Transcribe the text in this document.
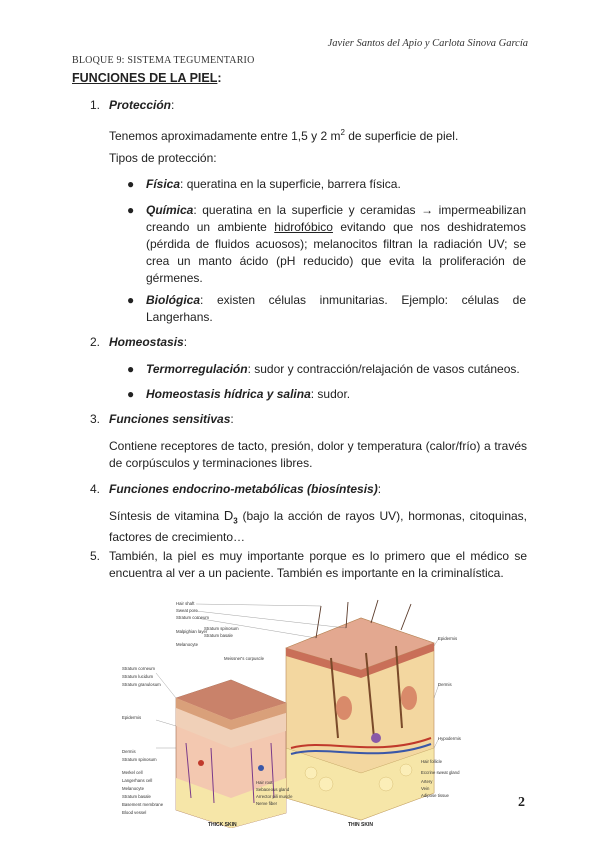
Javier Santos del Apio y Carlota Sinova García
BLOQUE 9: SISTEMA TEGUMENTARIO
FUNCIONES DE LA PIEL:
1. Protección:
Tenemos aproximadamente entre 1,5 y 2 $m^2$ de superficie de piel.
Tipos de protección:
● Física: queratina en la superficie, barrera física.
● Química: queratina en la superficie y ceramidas → impermeabilizan creando un ambiente hidrofóbico evitando que nos deshidratemos (pérdida de fluidos acuosos); melanocitos filtran la radiación UV; se crea un manto ácido (pH reducido) que evita la proliferación de gérmenes.
● Biológica: existen células inmunitarias. Ejemplo: células de Langerhans.
2. Homeostasis:
● Termorregulación: sudor y contracción/relajación de vasos cutáneos.
● Homeostasis hídrica y salina: sudor.
3. Funciones sensitivas:
Contiene receptores de tacto, presión, dolor y temperatura (calor/frío) a través de corpúsculos y terminaciones libres.
4. Funciones endocrino-metabólicas (biosíntesis):
Síntesis de vitamina $D_3$ (bajo la acción de rayos UV), hormonas, citoquinas, factores de crecimiento…
5. También, la piel es muy importante porque es lo primero que el médico se encuentra al ver a un paciente. También es importante en la criminalística.
Hair shaft
Sweat pore
Stratum corneum
Stratum spinosum
Stratum basale
Malpighian layer
Melanocyte
Meissner's corpuscle
Stratum corneum
Stratum lucidum
Stratum granulosum
Epidermis
Dermis
Stratum spinosum
Merkel cell
Langerhans cell
Melanocyte
Stratum basale
Basement membrane
Blood vessel
Hair root
Sebaceous gland
Arrector pili muscle
Nerve fiber
Epidermis
Dermis
Hypodermis
Hair follicle
Eccrine sweat gland
Artery
Vein
Adipose tissue
THICK SKIN	THIN SKIN
2
